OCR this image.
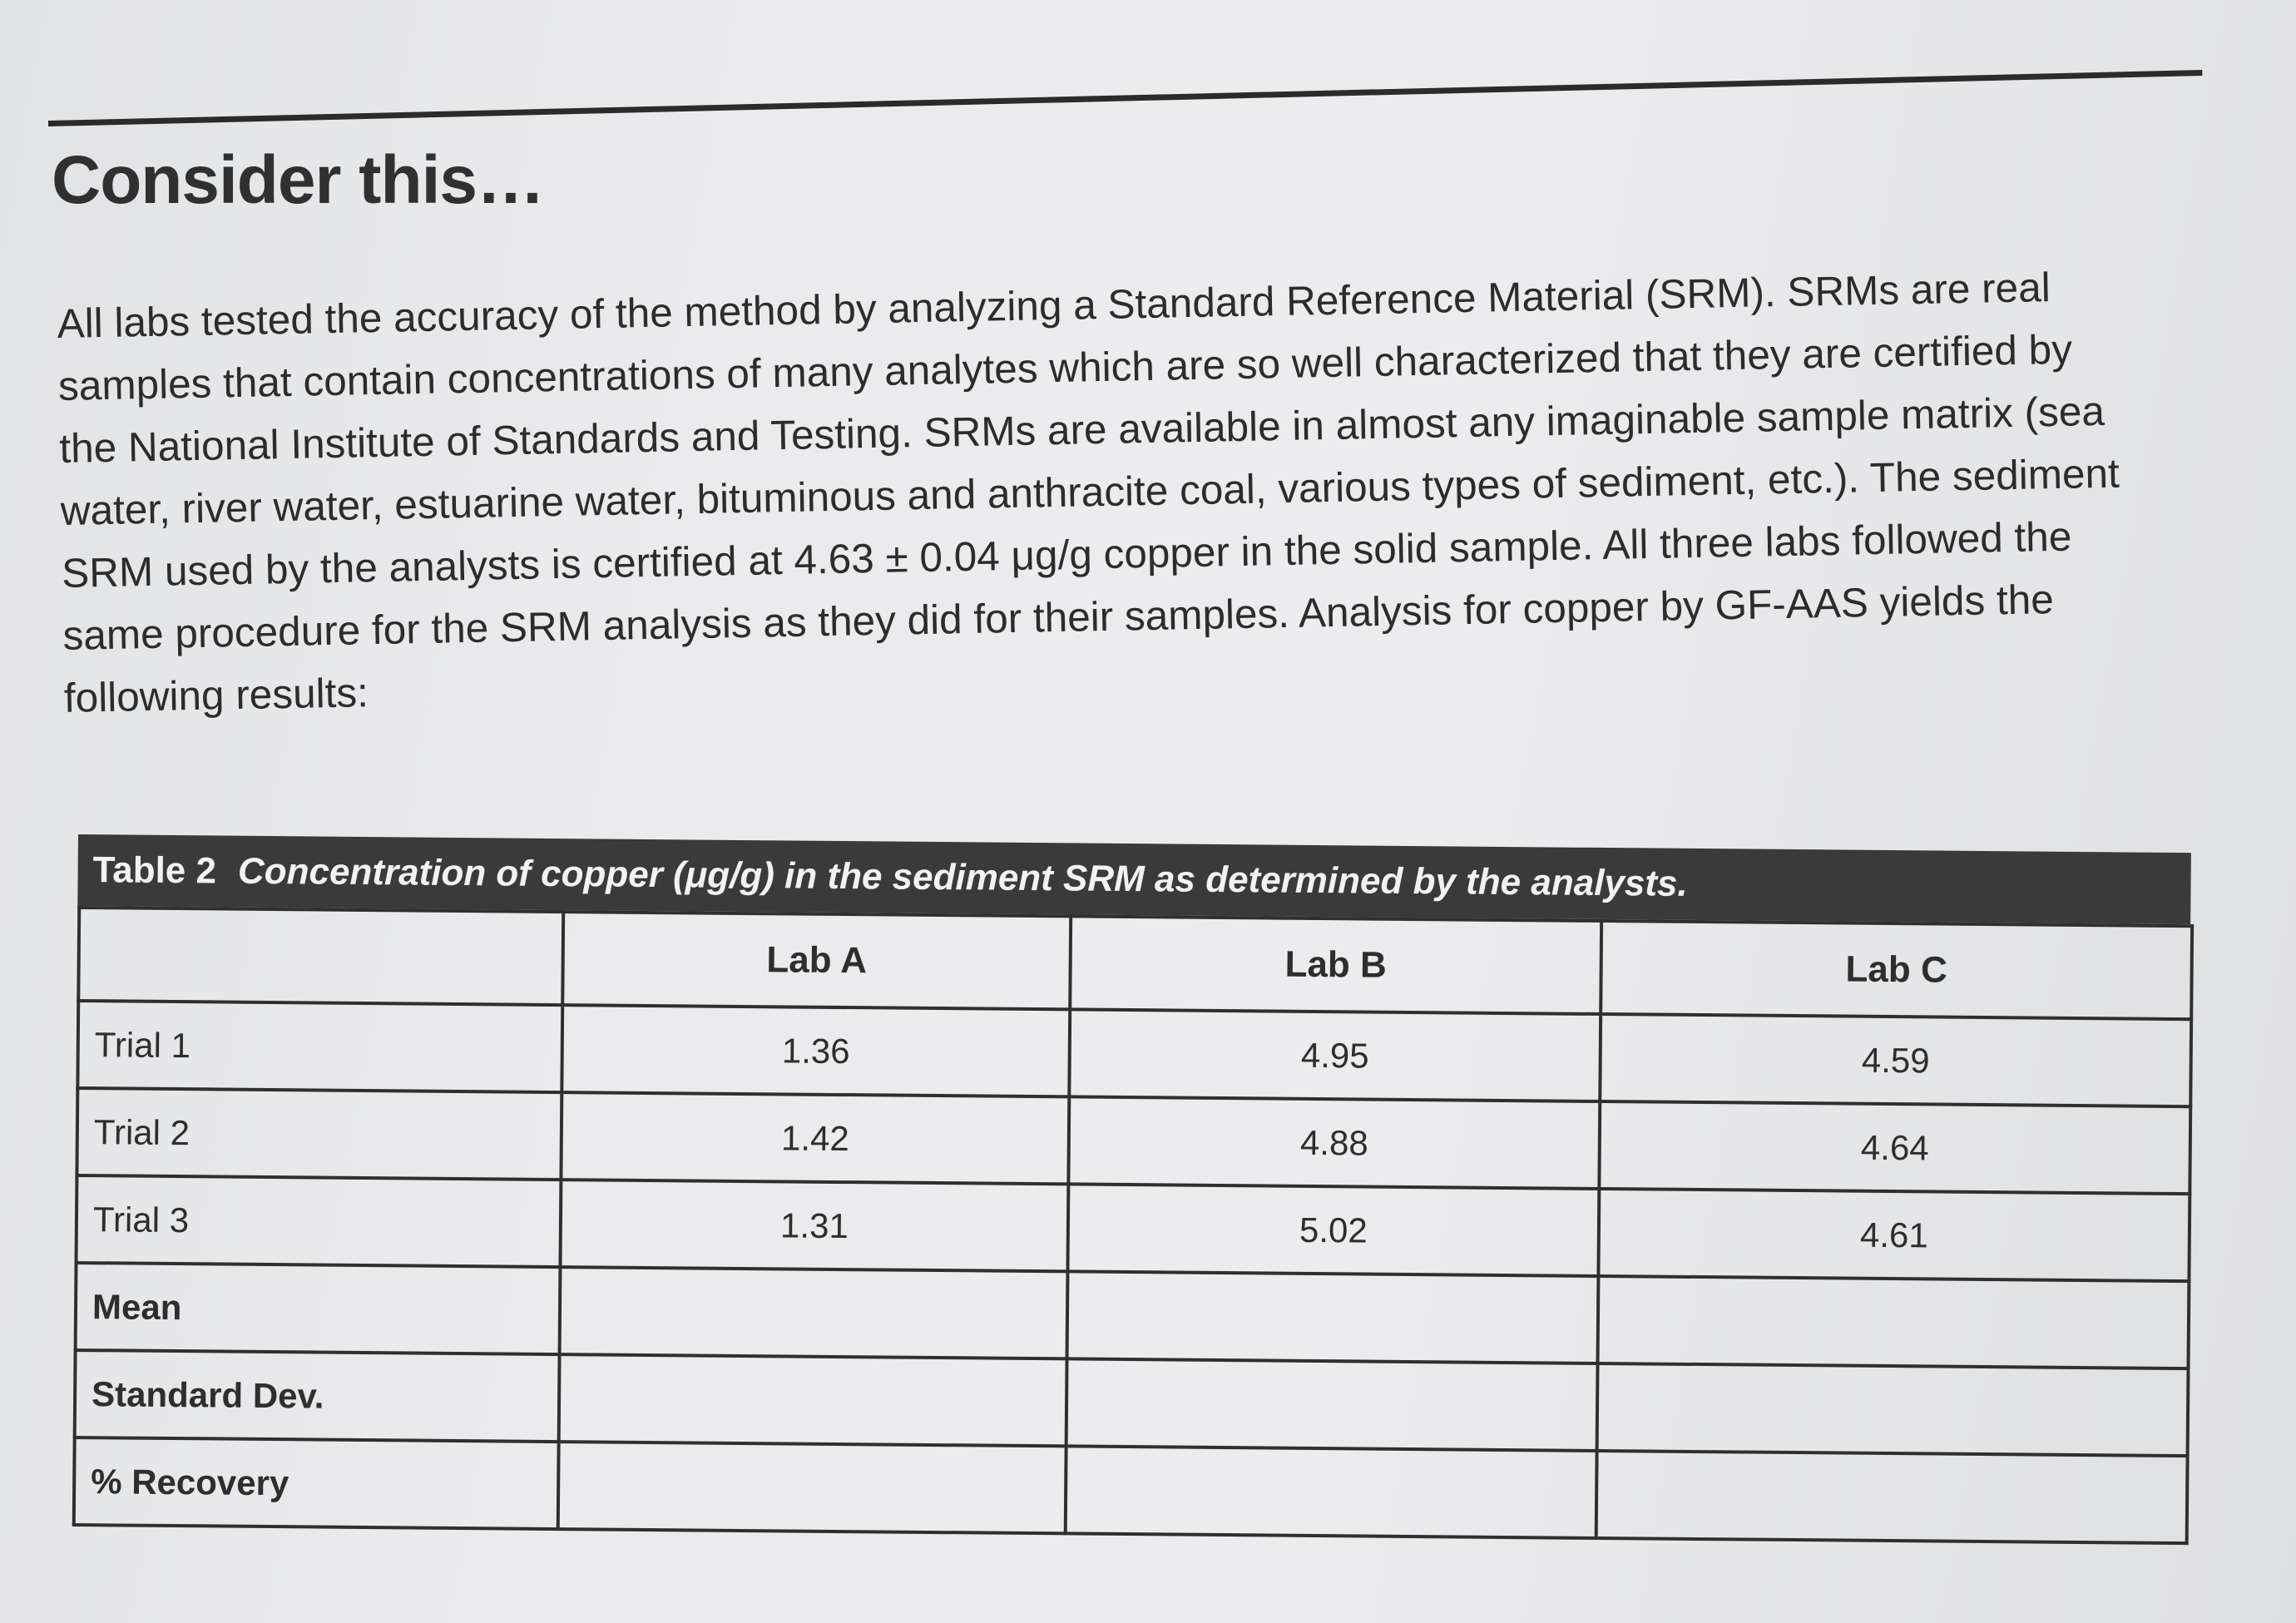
Consider this…

All labs tested the accuracy of the method by analyzing a Standard Reference Material (SRM). SRMs are real

samples that contain concentrations of many analytes which are so well characterized that they are certified by

the National Institute of Standards and Testing. SRMs are available in almost any imaginable sample matrix (sea

water, river water, estuarine water, bituminous and anthracite coal, various types of sediment, etc.). The sediment

SRM used by the analysts is certified at 4.63 ± 0.04 μg/g copper in the solid sample. All three labs followed the

same procedure for the SRM analysis as they did for their samples. Analysis for copper by GF-AAS yields the

following results:

Table 2 Concentration of copper (μg/g) in the sediment SRM as determined by the analysts.
	Lab A	Lab B	Lab C
Trial 1	1.36	4.95	4.59
Trial 2	1.42	4.88	4.64
Trial 3	1.31	5.02	4.61
Mean			
Standard Dev.			
% Recovery			
